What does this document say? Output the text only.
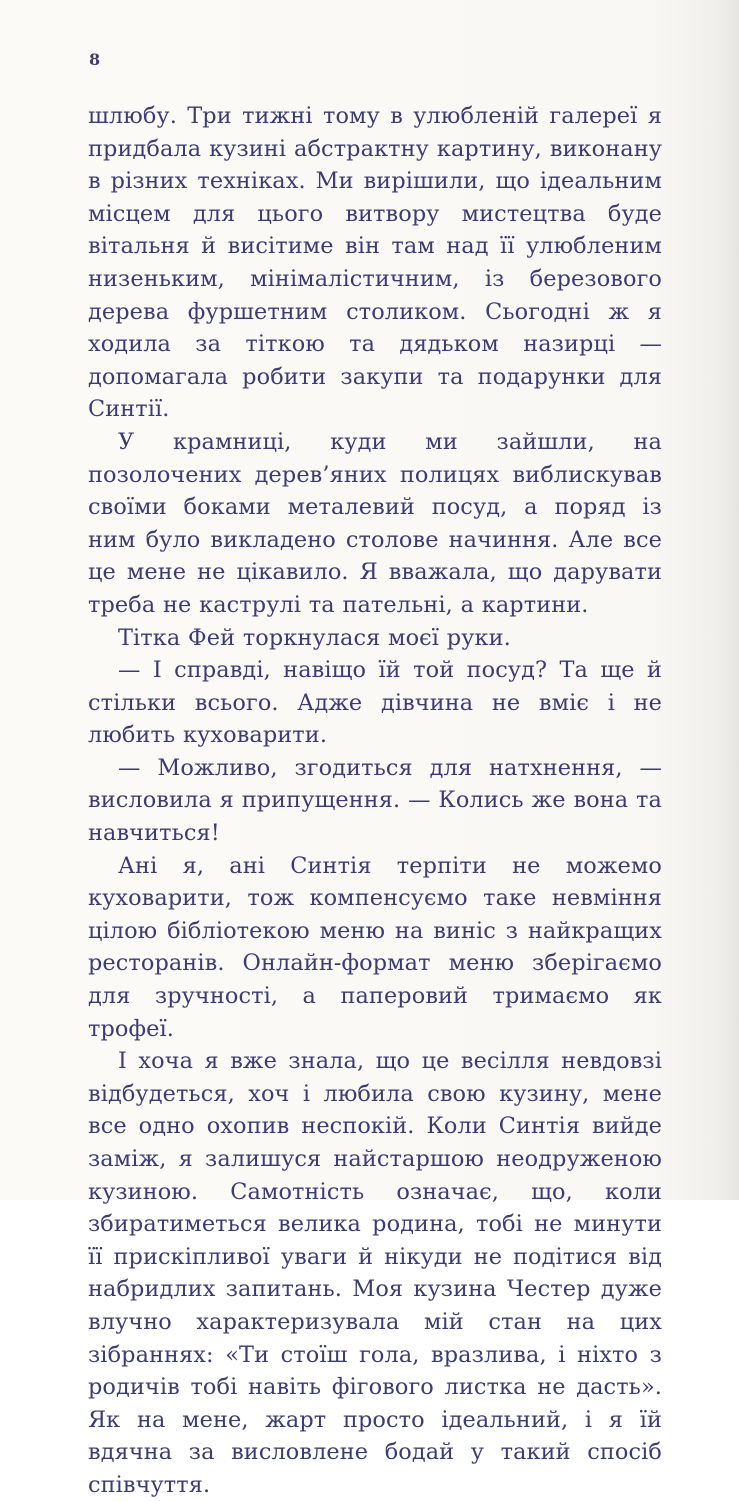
8

шлюбу. Три тижні тому в улюбленій галереї я придбала кузині абстрактну картину, виконану в різних техніках. Ми вирішили, що ідеальним місцем для цього витвору мистецтва буде вітальня й висітиме він там над її улюбленим низеньким, мінімалістичним, із березового дерева фуршетним столиком. Сьогодні ж я ходила за тіткою та дядьком назирці — допомагала робити закупи та подарунки для Синтії.

У крамниці, куди ми зайшли, на позолочених дерев’яних полицях виблискував своїми боками металевий посуд, а поряд із ним було викладено столове начиння. Але все це мене не цікавило. Я вважала, що дарувати треба не каструлі та пательні, а картини.

Тітка Фей торкнулася моєї руки.

— І справді, навіщо їй той посуд? Та ще й стільки всього. Адже дівчина не вміє і не любить куховарити.

— Можливо, згодиться для натхнення, — висловила я припущення. — Колись же вона та навчиться!

Ані я, ані Синтія терпіти не можемо куховарити, тож компенсуємо таке невміння цілою бібліотекою меню на виніс з найкращих ресторанів. Онлайн-формат меню зберігаємо для зручності, а паперовий тримаємо як трофеї.

І хоча я вже знала, що це весілля невдовзі відбудеться, хоч і любила свою кузину, мене все одно охопив неспокій. Коли Синтія вийде заміж, я залишуся найстаршою неодруженою кузиною. Самотність означає, що, коли збиратиметься велика родина, тобі не минути її прискіпливої уваги й нікуди не подітися від набридлих запитань. Моя кузина Честер дуже влучно характеризувала мій стан на цих зібраннях: «Ти стоїш гола, вразлива, і ніхто з родичів тобі навіть фігового листка не дасть». Як на мене, жарт просто ідеальний, і я їй вдячна за висловлене бодай у такий спосіб співчуття.
